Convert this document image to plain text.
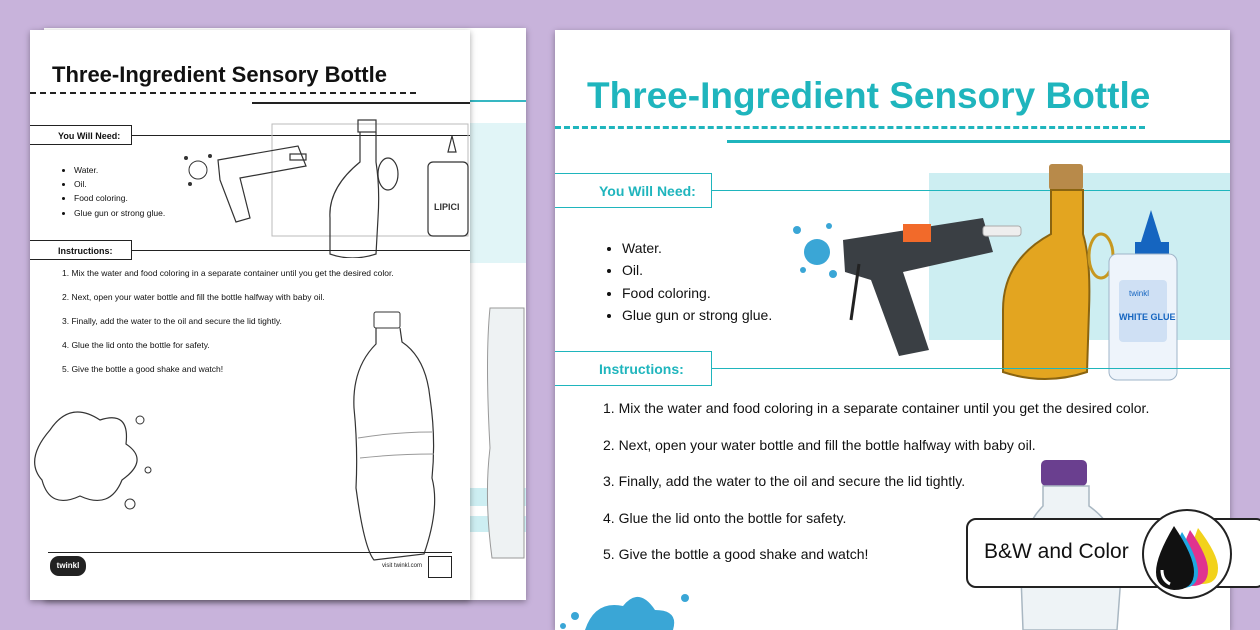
Three-Ingredient Sensory Bottle
You Will Need:
LIPICI
• Water.
• Oil.
• Food coloring.
• Glue gun or strong glue.
Instructions:
1. Mix the water and food coloring in a separate container until you get the desired color.
2. Next, open your water bottle and fill the bottle halfway with baby oil.
3. Finally, add the water to the oil and secure the lid tightly.
4. Glue the lid onto the bottle for safety.
5. Give the bottle a good shake and watch!
twinkl	visit twinkl.com
Three-Ingredient Sensory Bottle
You Will Need:
• Water.
• Oil.
• Food coloring.
• Glue gun or strong glue.
twinkl
WHITE GLUE
Instructions:
1. Mix the water and food coloring in a separate container until you get the desired color.
2. Next, open your water bottle and fill the bottle halfway with baby oil.
3. Finally, add the water to the oil and secure the lid tightly.
4. Glue the lid onto the bottle for safety.
5. Give the bottle a good shake and watch!	B&W and Color
